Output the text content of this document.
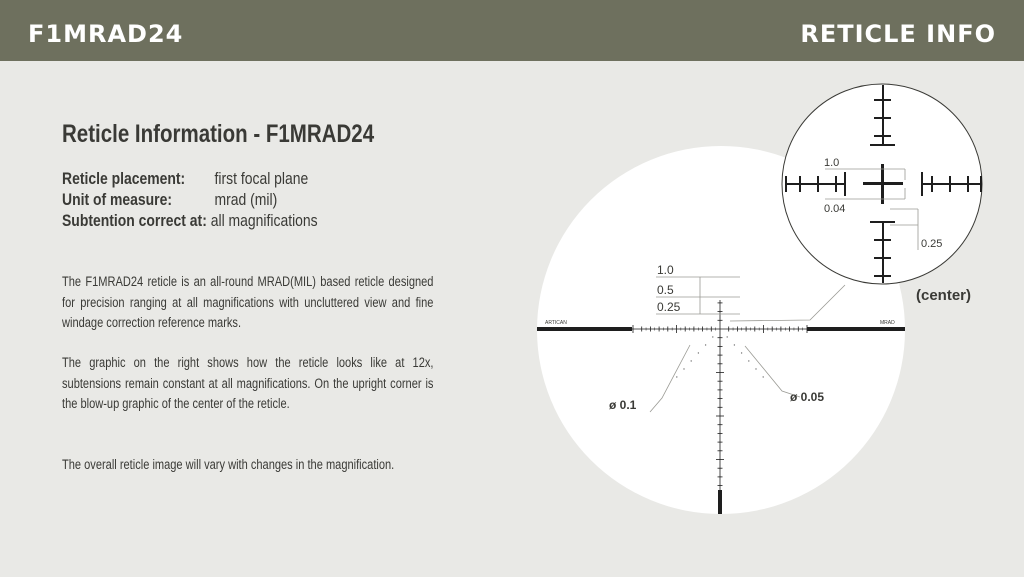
F1MRAD24	RETICLE INFO
Reticle Information - F1MRAD24
Reticle placement: first focal plane
Unit of measure:	mrad (mil)
Subtention correct at: all magnifications

The F1MRAD24 reticle is an all-round MRAD(MIL) based reticle designed for precision ranging at all magnifications with uncluttered view and fine windage correction reference marks.

The graphic on the right shows how the reticle looks like at 12x, subtensions remain constant at all magnifications. On the upright corner is the blow-up graphic of the center of the reticle.

The overall reticle image will vary with changes in the magnification.

ARTICAN	MRAD
1.0
0.5
0.25
ø 0.1
ø 0.05
1.0
0.04
0.25
(center)
